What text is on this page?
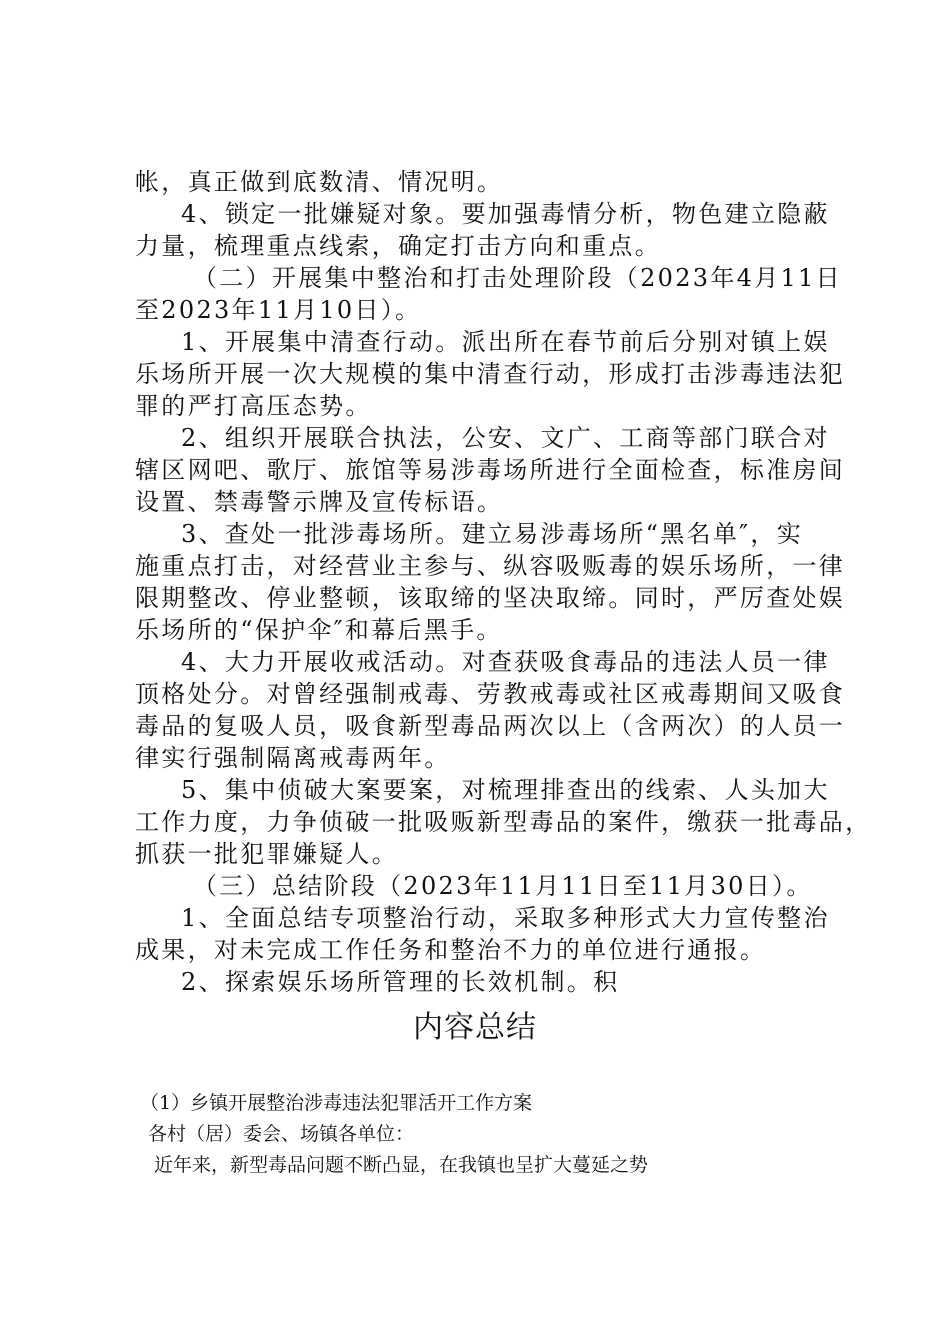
帐，真正做到底数清、情况明。
4、锁定一批嫌疑对象。要加强毒情分析，物色建立隐蔽
力量，梳理重点线索，确定打击方向和重点。
（二）开展集中整治和打击处理阶段（2023年4月11日
至2023年11月10日）。
1、开展集中清查行动。派出所在春节前后分别对镇上娱
乐场所开展一次大规模的集中清查行动，形成打击涉毒违法犯
罪的严打高压态势。
2、组织开展联合执法，公安、文广、工商等部门联合对
辖区网吧、歌厅、旅馆等易涉毒场所进行全面检查，标准房间
设置、禁毒警示牌及宣传标语。
3、查处一批涉毒场所。建立易涉毒场所“黑名单″，实
施重点打击，对经营业主参与、纵容吸贩毒的娱乐场所，一律
限期整改、停业整顿，该取缔的坚决取缔。同时，严厉查处娱
乐场所的“保护伞″和幕后黑手。
4、大力开展收戒活动。对查获吸食毒品的违法人员一律
顶格处分。对曾经强制戒毒、劳教戒毒或社区戒毒期间又吸食
毒品的复吸人员，吸食新型毒品两次以上（含两次）的人员一
律实行强制隔离戒毒两年。
5、集中侦破大案要案，对梳理排查出的线索、人头加大
工作力度，力争侦破一批吸贩新型毒品的案件，缴获一批毒品，
抓获一批犯罪嫌疑人。
（三）总结阶段（2023年11月11日至11月30日）。
1、全面总结专项整治行动，采取多种形式大力宣传整治
成果，对未完成工作任务和整治不力的单位进行通报。
2、探索娱乐场所管理的长效机制。积
内容总结
（1）乡镇开展整治涉毒违法犯罪活开工作方案
各村（居）委会、场镇各单位：
近年来，新型毒品问题不断凸显，在我镇也呈扩大蔓延之势
